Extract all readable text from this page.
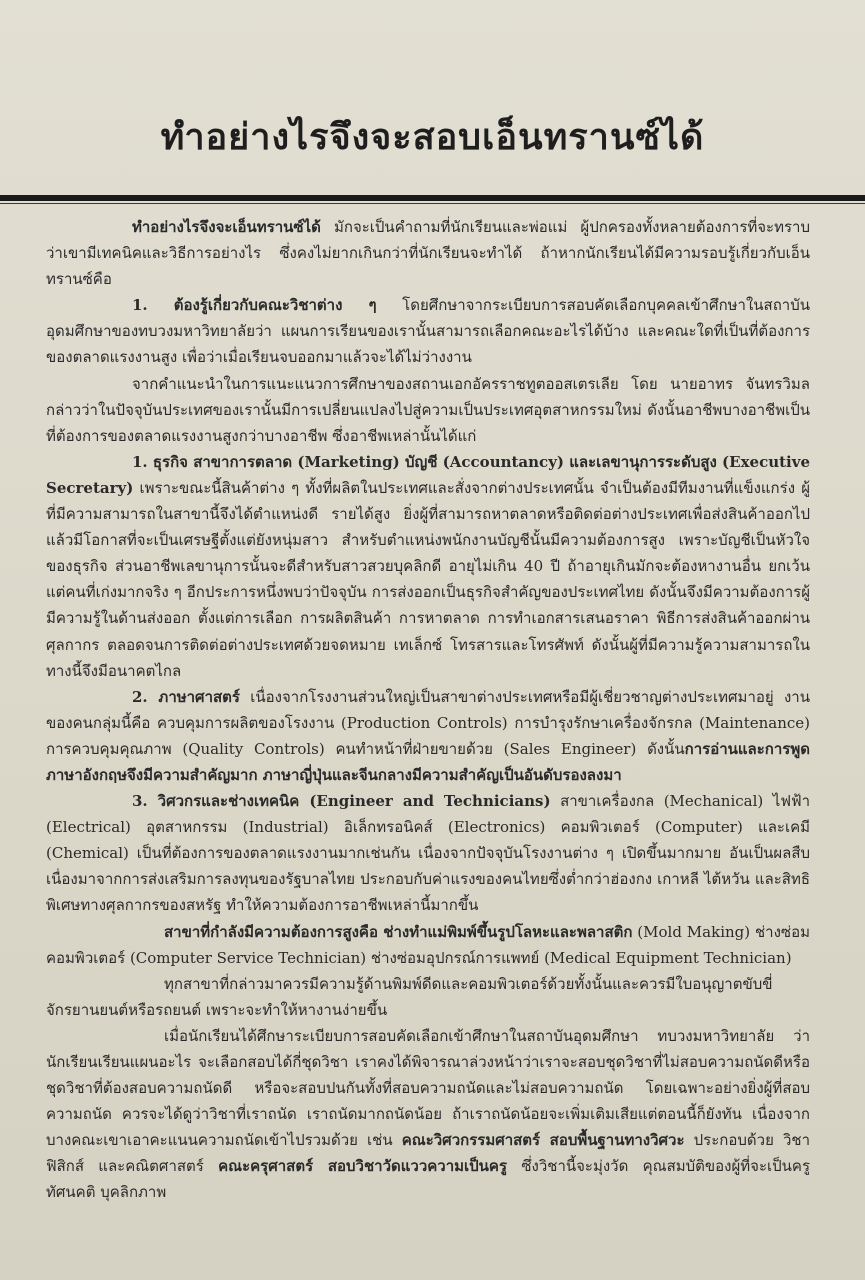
ทำอย่างไรจึงจะสอบเอ็นทรานซ์ได้

ทำอย่างไรจึงจะเอ็นทรานซ์ได้ มักจะเป็นคำถามที่นักเรียนและพ่อแม่ ผู้ปกครองทั้งหลายต้องการที่จะทราบว่าเขามีเทคนิคและวิธีการอย่างไร ซึ่งคงไม่ยากเกินกว่าที่นักเรียนจะทำได้ ถ้าหากนักเรียนได้มีความรอบรู้เกี่ยวกับเอ็นทรานซ์คือ

1. ต้องรู้เกี่ยวกับคณะวิชาต่าง ๆ โดยศึกษาจากระเบียบการสอบคัดเลือกบุคคลเข้าศึกษาในสถาบันอุดมศึกษาของทบวงมหาวิทยาลัยว่า แผนการเรียนของเรานั้นสามารถเลือกคณะอะไรได้บ้าง และคณะใดที่เป็นที่ต้องการของตลาดแรงงานสูง เพื่อว่าเมื่อเรียนจบออกมาแล้วจะได้ไม่ว่างงาน

จากคำแนะนำในการแนะแนวการศึกษาของสถานเอกอัครราชทูตออสเตรเลีย โดย นายอาทร จันทรวิมล กล่าวว่าในปัจจุบันประเทศของเรานั้นมีการเปลี่ยนแปลงไปสู่ความเป็นประเทศอุตสาหกรรมใหม่ ดังนั้นอาชีพบางอาชีพเป็นที่ต้องการของตลาดแรงงานสูงกว่าบางอาชีพ ซึ่งอาชีพเหล่านั้นได้แก่

1. ธุรกิจ สาขาการตลาด (Marketing) บัญชี (Accountancy) และเลขานุการระดับสูง (Executive Secretary) เพราะขณะนี้สินค้าต่าง ๆ ทั้งที่ผลิตในประเทศและสั่งจากต่างประเทศนั้น จำเป็นต้องมีทีมงานที่แข็งแกร่ง ผู้ที่มีความสามารถในสาขานี้จึงได้ตำแหน่งดี รายได้สูง ยิ่งผู้ที่สามารถหาตลาดหรือติดต่อต่างประเทศเพื่อส่งสินค้าออกไปแล้วมีโอกาสที่จะเป็นเศรษฐีตั้งแต่ยังหนุ่มสาว สำหรับตำแหน่งพนักงานบัญชีนั้นมีความต้องการสูง เพราะบัญชีเป็นหัวใจของธุรกิจ ส่วนอาชีพเลขานุการนั้นจะดีสำหรับสาวสวยบุคลิกดี อายุไม่เกิน 40 ปี ถ้าอายุเกินมักจะต้องหางานอื่น ยกเว้นแต่คนที่เก่งมากจริง ๆ อีกประการหนึ่งพบว่าปัจจุบัน การส่งออกเป็นธุรกิจสำคัญของประเทศไทย ดังนั้นจึงมีความต้องการผู้มีความรู้ในด้านส่งออก ตั้งแต่การเลือก การผลิตสินค้า การหาตลาด การทำเอกสารเสนอราคา พิธีการส่งสินค้าออกผ่านศุลกากร ตลอดจนการติดต่อต่างประเทศด้วยจดหมาย เทเล็กซ์ โทรสารและโทรศัพท์ ดังนั้นผู้ที่มีความรู้ความสามารถในทางนี้จึงมีอนาคตไกล

2. ภาษาศาสตร์ เนื่องจากโรงงานส่วนใหญ่เป็นสาขาต่างประเทศหรือมีผู้เชี่ยวชาญต่างประเทศมาอยู่ งานของคนกลุ่มนี้คือ ควบคุมการผลิตของโรงงาน (Production Controls) การบำรุงรักษาเครื่องจักรกล (Maintenance) การควบคุมคุณภาพ (Quality Controls) คนทำหน้าที่ฝ่ายขายด้วย (Sales Engineer) ดังนั้นการอ่านและการพูดภาษาอังกฤษจึงมีความสำคัญมาก ภาษาญี่ปุ่นและจีนกลางมีความสำคัญเป็นอันดับรองลงมา

3. วิศวกรและช่างเทคนิค (Engineer and Technicians) สาขาเครื่องกล (Mechanical) ไฟฟ้า (Electrical) อุตสาหกรรม (Industrial) อิเล็กทรอนิคส์ (Electronics) คอมพิวเตอร์ (Computer) และเคมี (Chemical) เป็นที่ต้องการของตลาดแรงงานมากเช่นกัน เนื่องจากปัจจุบันโรงงานต่าง ๆ เปิดขึ้นมากมาย อันเป็นผลสืบเนื่องมาจากการส่งเสริมการลงทุนของรัฐบาลไทย ประกอบกับค่าแรงของคนไทยซึ่งต่ำกว่าฮ่องกง เกาหลี ไต้หวัน และสิทธิพิเศษทางศุลกากรของสหรัฐ ทำให้ความต้องการอาชีพเหล่านี้มากขึ้น

สาขาที่กำลังมีความต้องการสูงคือ ช่างทำแม่พิมพ์ขึ้นรูปโลหะและพลาสติก (Mold Making) ช่างซ่อมคอมพิวเตอร์ (Computer Service Technician) ช่างซ่อมอุปกรณ์การแพทย์ (Medical Equipment Technician)

ทุกสาขาที่กล่าวมาควรมีความรู้ด้านพิมพ์ดีดและคอมพิวเตอร์ด้วยทั้งนั้นและควรมีใบอนุญาตขับขี่จักรยานยนต์หรือรถยนต์ เพราะจะทำให้หางานง่ายขึ้น

เมื่อนักเรียนได้ศึกษาระเบียบการสอบคัดเลือกเข้าศึกษาในสถาบันอุดมศึกษา ทบวงมหาวิทยาลัย ว่านักเรียนเรียนแผนอะไร จะเลือกสอบได้กี่ชุดวิชา เราคงได้พิจารณาล่วงหน้าว่าเราจะสอบชุดวิชาที่ไม่สอบความถนัดดีหรือชุดวิชาที่ต้องสอบความถนัดดี หรือจะสอบปนกันทั้งที่สอบความถนัดและไม่สอบความถนัด โดยเฉพาะอย่างยิ่งผู้ที่สอบความถนัด ควรจะได้ดูว่าวิชาที่เราถนัด เราถนัดมากถนัดน้อย ถ้าเราถนัดน้อยจะเพิ่มเติมเสียแต่ตอนนี้ก็ยังทัน เนื่องจากบางคณะเขาเอาคะแนนความถนัดเข้าไปรวมด้วย เช่น คณะวิศวกรรมศาสตร์ สอบพื้นฐานทางวิศวะ ประกอบด้วย วิชาฟิสิกส์ และคณิตศาสตร์ คณะครุศาสตร์ สอบวิชาวัดแววความเป็นครู ซึ่งวิชานี้จะมุ่งวัด คุณสมบัติของผู้ที่จะเป็นครู ทัศนคติ บุคลิกภาพ
